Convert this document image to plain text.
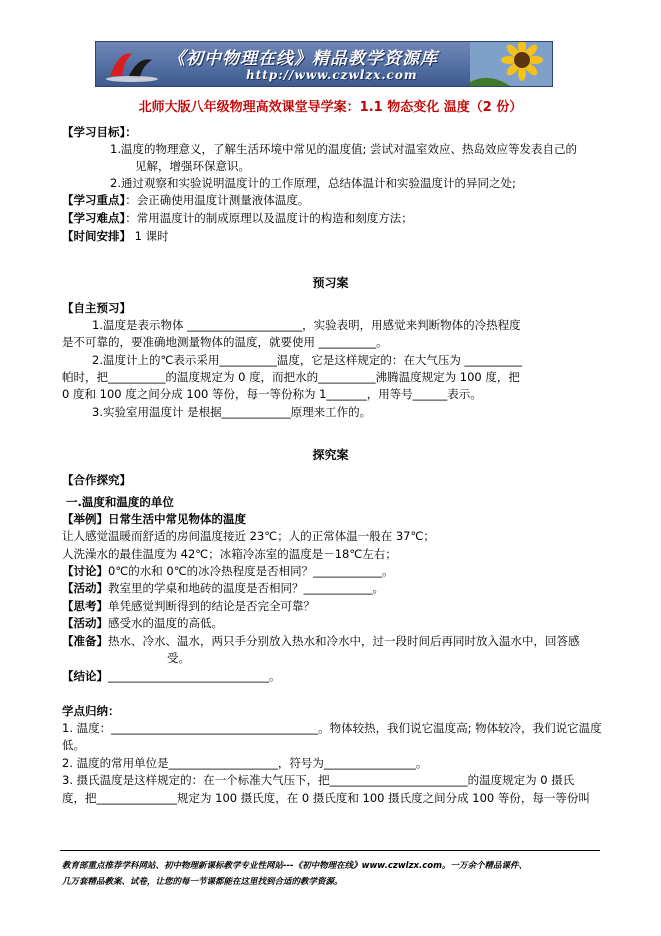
《初中物理在线》精品教学资源库
http://www.czwlzx.com
北师大版八年级物理高效课堂导学案：1.1 物态变化 温度（2 份）
【学习目标】：
1.温度的物理意义，了解生活环境中常见的温度值; 尝试对温室效应、热岛效应等发表自己的
见解，增强环保意识。
2.通过观察和实验说明温度计的工作原理，总结体温计和实验温度计的异同之处;
【学习重点】：会正确使用温度计测量液体温度。
【学习难点】：常用温度计的制成原理以及温度计的构造和刻度方法；
【时间安排】 1 课时
预习案
【自主预习】
1.温度是表示物体 ____________________，实验表明，用感觉来判断物体的冷热程度
是不可靠的，要准确地测量物体的温度，就要使用 __________。
2.温度计上的℃表示采用__________温度，它是这样规定的：在大气压为 __________
帕时，把__________的温度规定为 0 度，而把水的__________沸腾温度规定为 100 度，把
0 度和 100 度之间分成 100 等份，每一等份称为 1_______，用等号______表示。
3.实验室用温度计 是根据____________原理来工作的。
探究案
【合作探究】
一.温度和温度的单位
【举例】日常生活中常见物体的温度
让人感觉温暖而舒适的房间温度接近 23℃；人的正常体温一般在 37℃；
人洗澡水的最佳温度为 42℃；冰箱冷冻室的温度是－18℃左右；
【讨论】0℃的水和 0℃的冰冷热程度是否相同？____________。
【活动】教室里的学桌和地砖的温度是否相同？____________。
【思考】单凭感觉判断得到的结论是否完全可靠？
【活动】感受水的温度的高低。
【准备】热水、冷水、温水，两只手分别放入热水和冷水中，过一段时间后再同时放入温水中，回答感
受。
【结论】____________________________。
学点归纳：
1. 温度：____________________________________。物体较热，我们说它温度高; 物体较冷，我们说它温度
低。
2. 温度的常用单位是___________________，符号为________________。
3. 摄氏温度是这样规定的：在一个标准大气压下，把________________________的温度规定为 0 摄氏
度，把______________规定为 100 摄氏度，在 0 摄氏度和 100 摄氏度之间分成 100 等份，每一等份叫
教育部重点推荐学科网站、初中物理新课标教学专业性网站---《初中物理在线》www.czwlzx.com。一万余个精品课件、
几万套精品教案、试卷，让您的每一节课都能在这里找到合适的教学资源。
